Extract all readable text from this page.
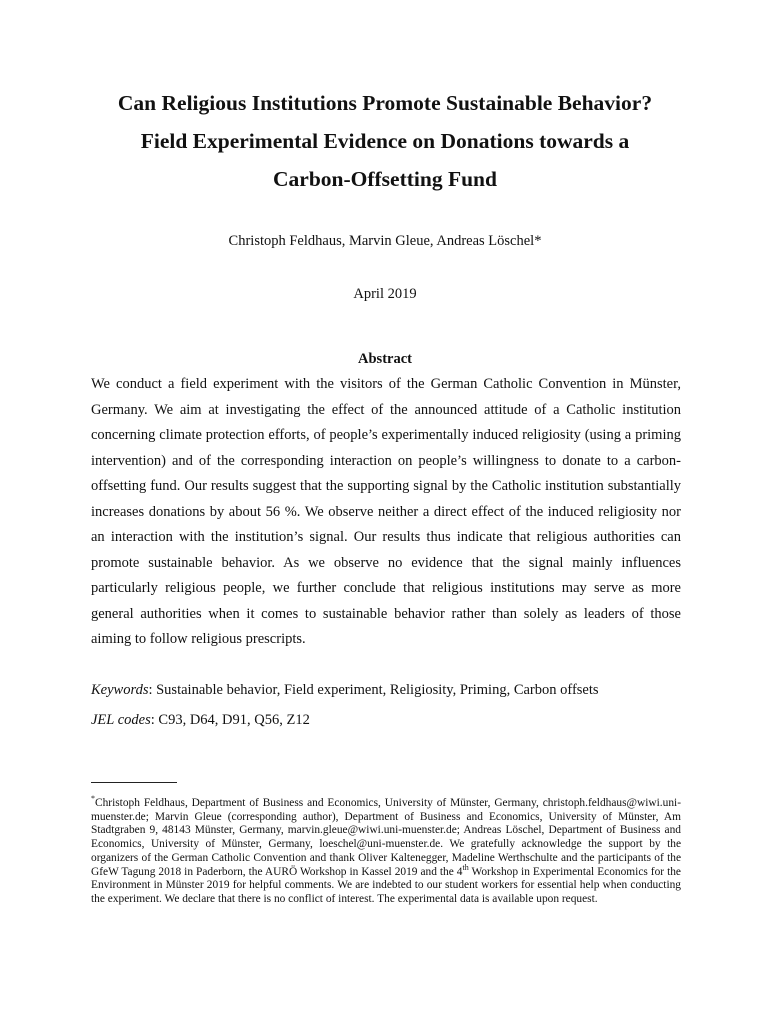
Can Religious Institutions Promote Sustainable Behavior?
Field Experimental Evidence on Donations towards a
Carbon-Offsetting Fund
Christoph Feldhaus, Marvin Gleue, Andreas Löschel*
April 2019
Abstract

We conduct a field experiment with the visitors of the German Catholic Convention in Münster, Germany. We aim at investigating the effect of the announced attitude of a Catholic institution concerning climate protection efforts, of people’s experimentally induced religiosity (using a priming intervention) and of the corresponding interaction on people’s willingness to donate to a carbon-offsetting fund. Our results suggest that the supporting signal by the Catholic institution substantially increases donations by about 56 %. We observe neither a direct effect of the induced religiosity nor an interaction with the institution’s signal. Our results thus indicate that religious authorities can promote sustainable behavior. As we observe no evidence that the signal mainly influences particularly religious people, we further conclude that religious institutions may serve as more general authorities when it comes to sustainable behavior rather than solely as leaders of those aiming to follow religious prescripts.

Keywords: Sustainable behavior, Field experiment, Religiosity, Priming, Carbon offsets
JEL codes: C93, D64, D91, Q56, Z12

*Christoph Feldhaus, Department of Business and Economics, University of Münster, Germany, christoph.feldhaus@wiwi.uni-muenster.de; Marvin Gleue (corresponding author), Department of Business and Economics, University of Münster, Am Stadtgraben 9, 48143 Münster, Germany, marvin.gleue@wiwi.uni-muenster.de; Andreas Löschel, Department of Business and Economics, University of Münster, Germany, loeschel@uni-muenster.de. We gratefully acknowledge the support by the organizers of the German Catholic Convention and thank Oliver Kaltenegger, Madeline Werthschulte and the participants of the GfeW Tagung 2018 in Paderborn, the AURÖ Workshop in Kassel 2019 and the 4th Workshop in Experimental Economics for the Environment in Münster 2019 for helpful comments. We are indebted to our student workers for essential help when conducting the experiment. We declare that there is no conflict of interest. The experimental data is available upon request.
